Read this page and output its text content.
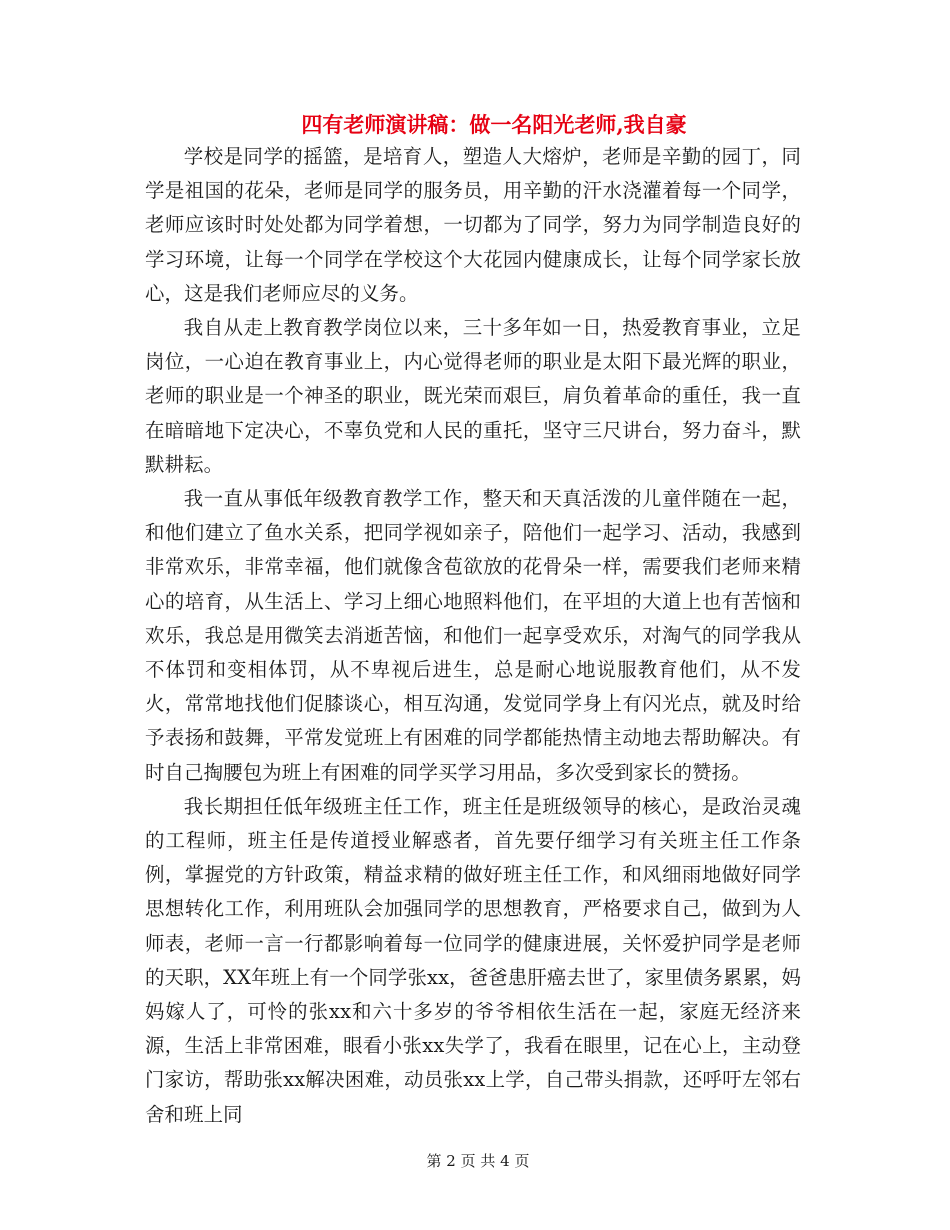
四有老师演讲稿：做一名阳光老师,我自豪

学校是同学的摇篮，是培育人，塑造人大熔炉，老师是辛勤的园丁，同学是祖国的花朵，老师是同学的服务员，用辛勤的汗水浇灌着每一个同学，老师应该时时处处都为同学着想，一切都为了同学，努力为同学制造良好的学习环境，让每一个同学在学校这个大花园内健康成长，让每个同学家长放心，这是我们老师应尽的义务。

我自从走上教育教学岗位以来，三十多年如一日，热爱教育事业，立足岗位，一心迫在教育事业上，内心觉得老师的职业是太阳下最光辉的职业，老师的职业是一个神圣的职业，既光荣而艰巨，肩负着革命的重任，我一直在暗暗地下定决心，不辜负党和人民的重托，坚守三尺讲台，努力奋斗，默默耕耘。

我一直从事低年级教育教学工作，整天和天真活泼的儿童伴随在一起，和他们建立了鱼水关系，把同学视如亲子，陪他们一起学习、活动，我感到非常欢乐，非常幸福，他们就像含苞欲放的花骨朵一样，需要我们老师来精心的培育，从生活上、学习上细心地照料他们，在平坦的大道上也有苦恼和欢乐，我总是用微笑去消逝苦恼，和他们一起享受欢乐，对淘气的同学我从不体罚和变相体罚，从不卑视后进生，总是耐心地说服教育他们，从不发火，常常地找他们促膝谈心，相互沟通，发觉同学身上有闪光点，就及时给予表扬和鼓舞，平常发觉班上有困难的同学都能热情主动地去帮助解决。有时自己掏腰包为班上有困难的同学买学习用品，多次受到家长的赞扬。

我长期担任低年级班主任工作，班主任是班级领导的核心，是政治灵魂的工程师，班主任是传道授业解惑者，首先要仔细学习有关班主任工作条例，掌握党的方针政策，精益求精的做好班主任工作，和风细雨地做好同学思想转化工作，利用班队会加强同学的思想教育，严格要求自己，做到为人师表，老师一言一行都影响着每一位同学的健康进展，关怀爱护同学是老师的天职，XX年班上有一个同学张xx，爸爸患肝癌去世了，家里债务累累，妈妈嫁人了，可怜的张xx和六十多岁的爷爷相依生活在一起，家庭无经济来源，生活上非常困难，眼看小张xx失学了，我看在眼里，记在心上，主动登门家访，帮助张xx解决困难，动员张xx上学，自己带头捐款，还呼吁左邻右舍和班上同

第 2 页 共 4 页
